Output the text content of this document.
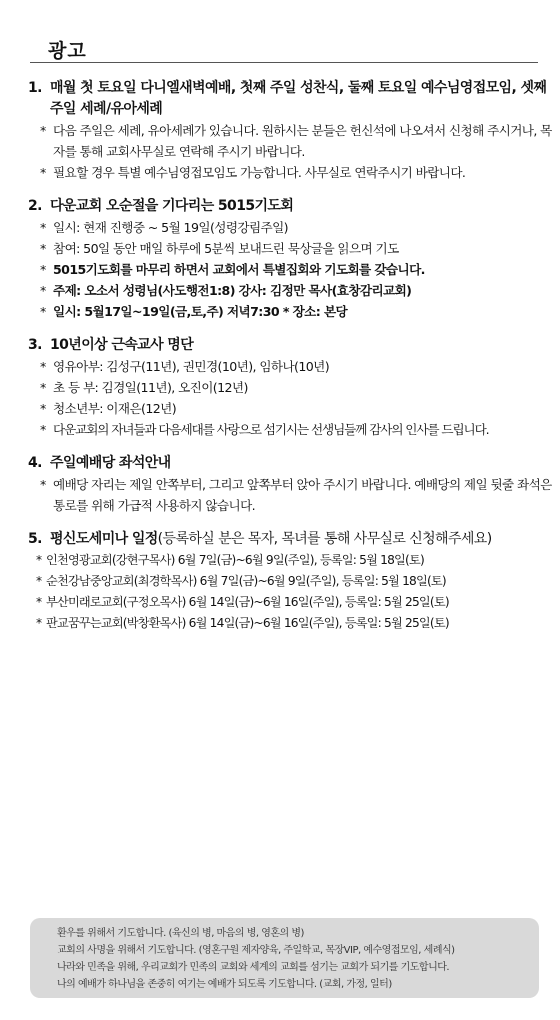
광고
1. 매월 첫 토요일 다니엘새벽예배, 첫째 주일 성찬식, 둘째 토요일 예수님영접모임, 셋째 주일 세례/유아세례
* 다음 주일은 세례, 유아세례가 있습니다. 원하시는 분들은 헌신석에 나오셔서 신청해 주시거나, 목자를 통해 교회사무실로 연락해 주시기 바랍니다.
* 필요할 경우 특별 예수님영접모임도 가능합니다. 사무실로 연락주시기 바랍니다.
2. 다운교회 오순절을 기다리는 5015기도회
* 일시: 현재 진행중 ~ 5월 19일(성령강림주일)
* 참여: 50일 동안 매일 하루에 5분씩 보내드린 묵상글을 읽으며 기도
* 5015기도회를 마무리 하면서 교회에서 특별집회와 기도회를 갖습니다.
* 주제: 오소서 성령님(사도행전1:8) 강사: 김정만 목사(효창감리교회)
* 일시: 5월17일~19일(금,토,주) 저녁7:30 * 장소: 본당
3. 10년이상 근속교사 명단
* 영유아부: 김성구(11년), 권민경(10년), 임하나(10년)
* 초 등 부: 김경일(11년), 오진이(12년)
* 청소년부: 이재은(12년)
* 다운교회의 자녀들과 다음세대를 사랑으로 섬기시는 선생님들께 감사의 인사를 드립니다.
4. 주일예배당 좌석안내
* 예배당 자리는 제일 안쪽부터, 그리고 앞쪽부터 앉아 주시기 바랍니다. 예배당의 제일 뒷줄 좌석은 통로를 위해 가급적 사용하지 않습니다.
5. 평신도세미나 일정 (등록하실 분은 목자, 목녀를 통해 사무실로 신청해주세요)
* 인천영광교회(강현구목사) 6월 7일(금)~6월 9일(주일), 등록일: 5월 18일(토)
* 순천강남중앙교회(최경학목사) 6월 7일(금)~6월 9일(주일), 등록일: 5월 18일(토)
* 부산미래로교회(구정오목사) 6월 14일(금)~6월 16일(주일), 등록일: 5월 25일(토)
* 판교꿈꾸는교회(박창환목사) 6월 14일(금)~6월 16일(주일), 등록일: 5월 25일(토)
환우를 위해서 기도합니다. (육신의 병, 마음의 병, 영혼의 병)
교회의 사명을 위해서 기도합니다. (영혼구원 제자양육, 주일학교, 목장VIP, 예수영접모임, 세례식)
나라와 민족을 위해, 우리교회가 민족의 교회와 세계의 교회를 섬기는 교회가 되기를 기도합니다.
나의 예배가 하나님을 존중히 여기는 예배가 되도록 기도합니다. (교회, 가정, 일터)
